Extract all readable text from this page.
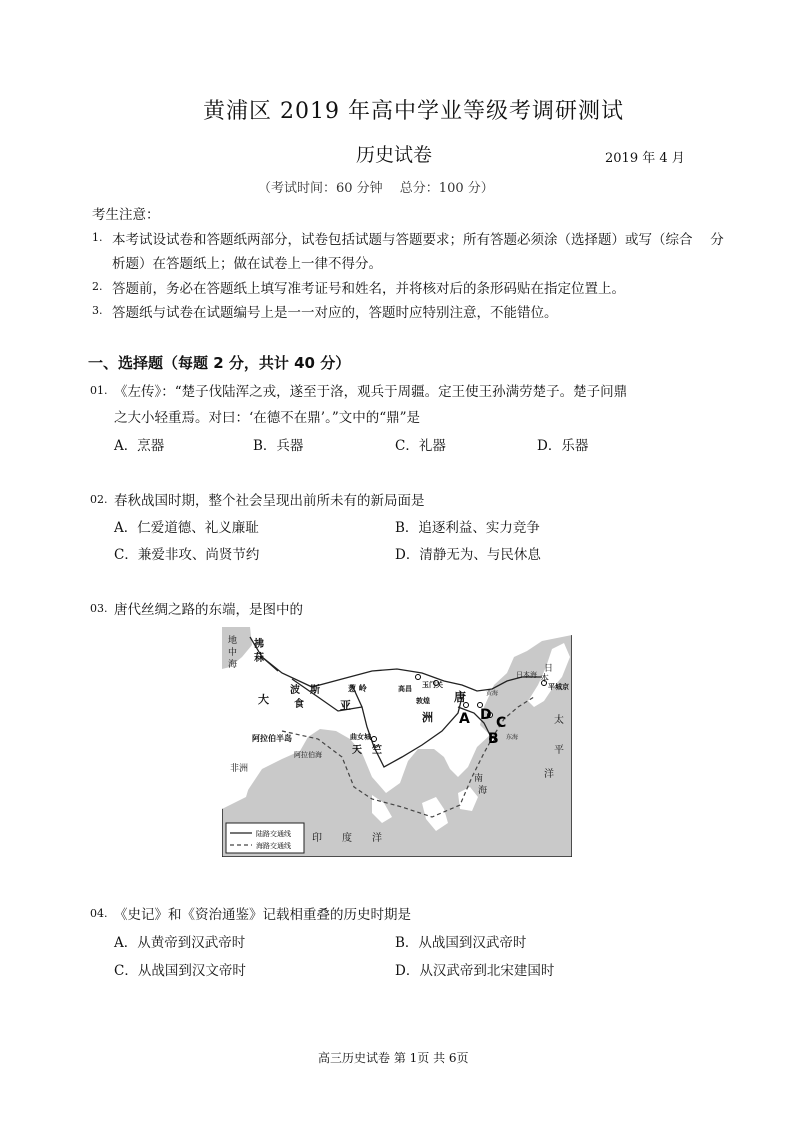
黄浦区 2019 年高中学业等级考调研测试
历史试卷	2019 年 4 月
（考试时间：60 分钟　 总分：100 分）
考生注意：
1. 本考试设试卷和答题纸两部分，试卷包括试题与答题要求；所有答题必须涂（选择题）或写（综合　 分
析题）在答题纸上；做在试卷上一律不得分。
2. 答题前，务必在答题纸上填写准考证号和姓名，并将核对后的条形码贴在指定位置上。
3. 答题纸与试卷在试题编号上是一一对应的，答题时应特别注意，不能错位。
一、选择题（每题 2 分，共计 40 分）
01. 《左传》：“楚子伐陆浑之戎，遂至于洛，观兵于周疆。定王使王孙满劳楚子。楚子问鼎
之大小轻重焉。对曰：‘在德不在鼎’。”文中的“鼎”是
A．烹器	B．兵器	C．礼器	D．乐器
02. 春秋战国时期，整个社会呈现出前所未有的新局面是
A．仁爱道德、礼义廉耻	B．追逐利益、实力竞争
C．兼爱非攻、尚贤节约	D．清静无为、与民休息
03. 唐代丝绸之路的东端，是图中的
地
中
海
拂
菻
大
波 斯
食	亚
葱 岭	高昌 玉门关
敦煌
洲
唐
日
本
日本海
平城京
太
平
洋
阿拉伯半岛
非洲
阿拉伯海
曲女城
天　竺
印　　度　　洋
南
海
东海
黄海
A
B
C
D
陆路交通线
海路交通线
04. 《史记》和《资治通鉴》记载相重叠的历史时期是
A．从黄帝到汉武帝时	B．从战国到汉武帝时
C．从战国到汉文帝时	D．从汉武帝到北宋建国时
高三历史试卷 第 1页 共 6页
